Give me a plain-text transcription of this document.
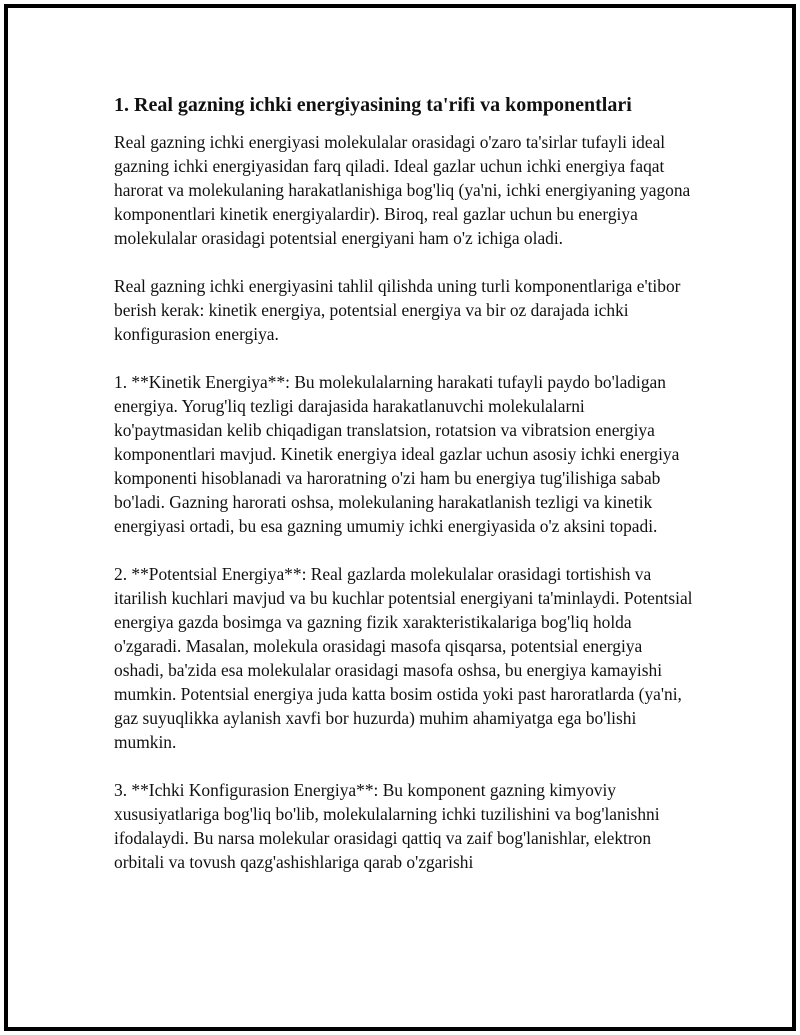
1. Real gazning ichki energiyasining ta'rifi va komponentlari

Real gazning ichki energiyasi molekulalar orasidagi o'zaro ta'sirlar tufayli ideal gazning ichki energiyasidan farq qiladi. Ideal gazlar uchun ichki energiya faqat harorat va molekulaning harakatlanishiga bog'liq (ya'ni, ichki energiyaning yagona komponentlari kinetik energiyalardir). Biroq, real gazlar uchun bu energiya molekulalar orasidagi potentsial energiyani ham o'z ichiga oladi.

Real gazning ichki energiyasini tahlil qilishda uning turli komponentlariga e'tibor berish kerak: kinetik energiya, potentsial energiya va bir oz darajada ichki konfigurasion energiya.

1. **Kinetik Energiya**: Bu molekulalarning harakati tufayli paydo bo'ladigan energiya. Yorug'liq tezligi darajasida harakatlanuvchi molekulalarni ko'paytmasidan kelib chiqadigan translatsion, rotatsion va vibratsion energiya komponentlari mavjud. Kinetik energiya ideal gazlar uchun asosiy ichki energiya komponenti hisoblanadi va haroratning o'zi ham bu energiya tug'ilishiga sabab bo'ladi. Gazning harorati oshsa, molekulaning harakatlanish tezligi va kinetik energiyasi ortadi, bu esa gazning umumiy ichki energiyasida o'z aksini topadi.

2. **Potentsial Energiya**: Real gazlarda molekulalar orasidagi tortishish va itarilish kuchlari mavjud va bu kuchlar potentsial energiyani ta'minlaydi. Potentsial energiya gazda bosimga va gazning fizik xarakteristikalariga bog'liq holda o'zgaradi. Masalan, molekula orasidagi masofa qisqarsa, potentsial energiya oshadi, ba'zida esa molekulalar orasidagi masofa oshsa, bu energiya kamayishi mumkin. Potentsial energiya juda katta bosim ostida yoki past haroratlarda (ya'ni, gaz suyuqlikka aylanish xavfi bor huzurda) muhim ahamiyatga ega bo'lishi mumkin.

3. **Ichki Konfigurasion Energiya**: Bu komponent gazning kimyoviy xususiyatlariga bog'liq bo'lib, molekulalarning ichki tuzilishini va bog'lanishni ifodalaydi. Bu narsa molekular orasidagi qattiq va zaif bog'lanishlar, elektron orbitali va tovush qazg'ashishlariga qarab o'zgarishi
